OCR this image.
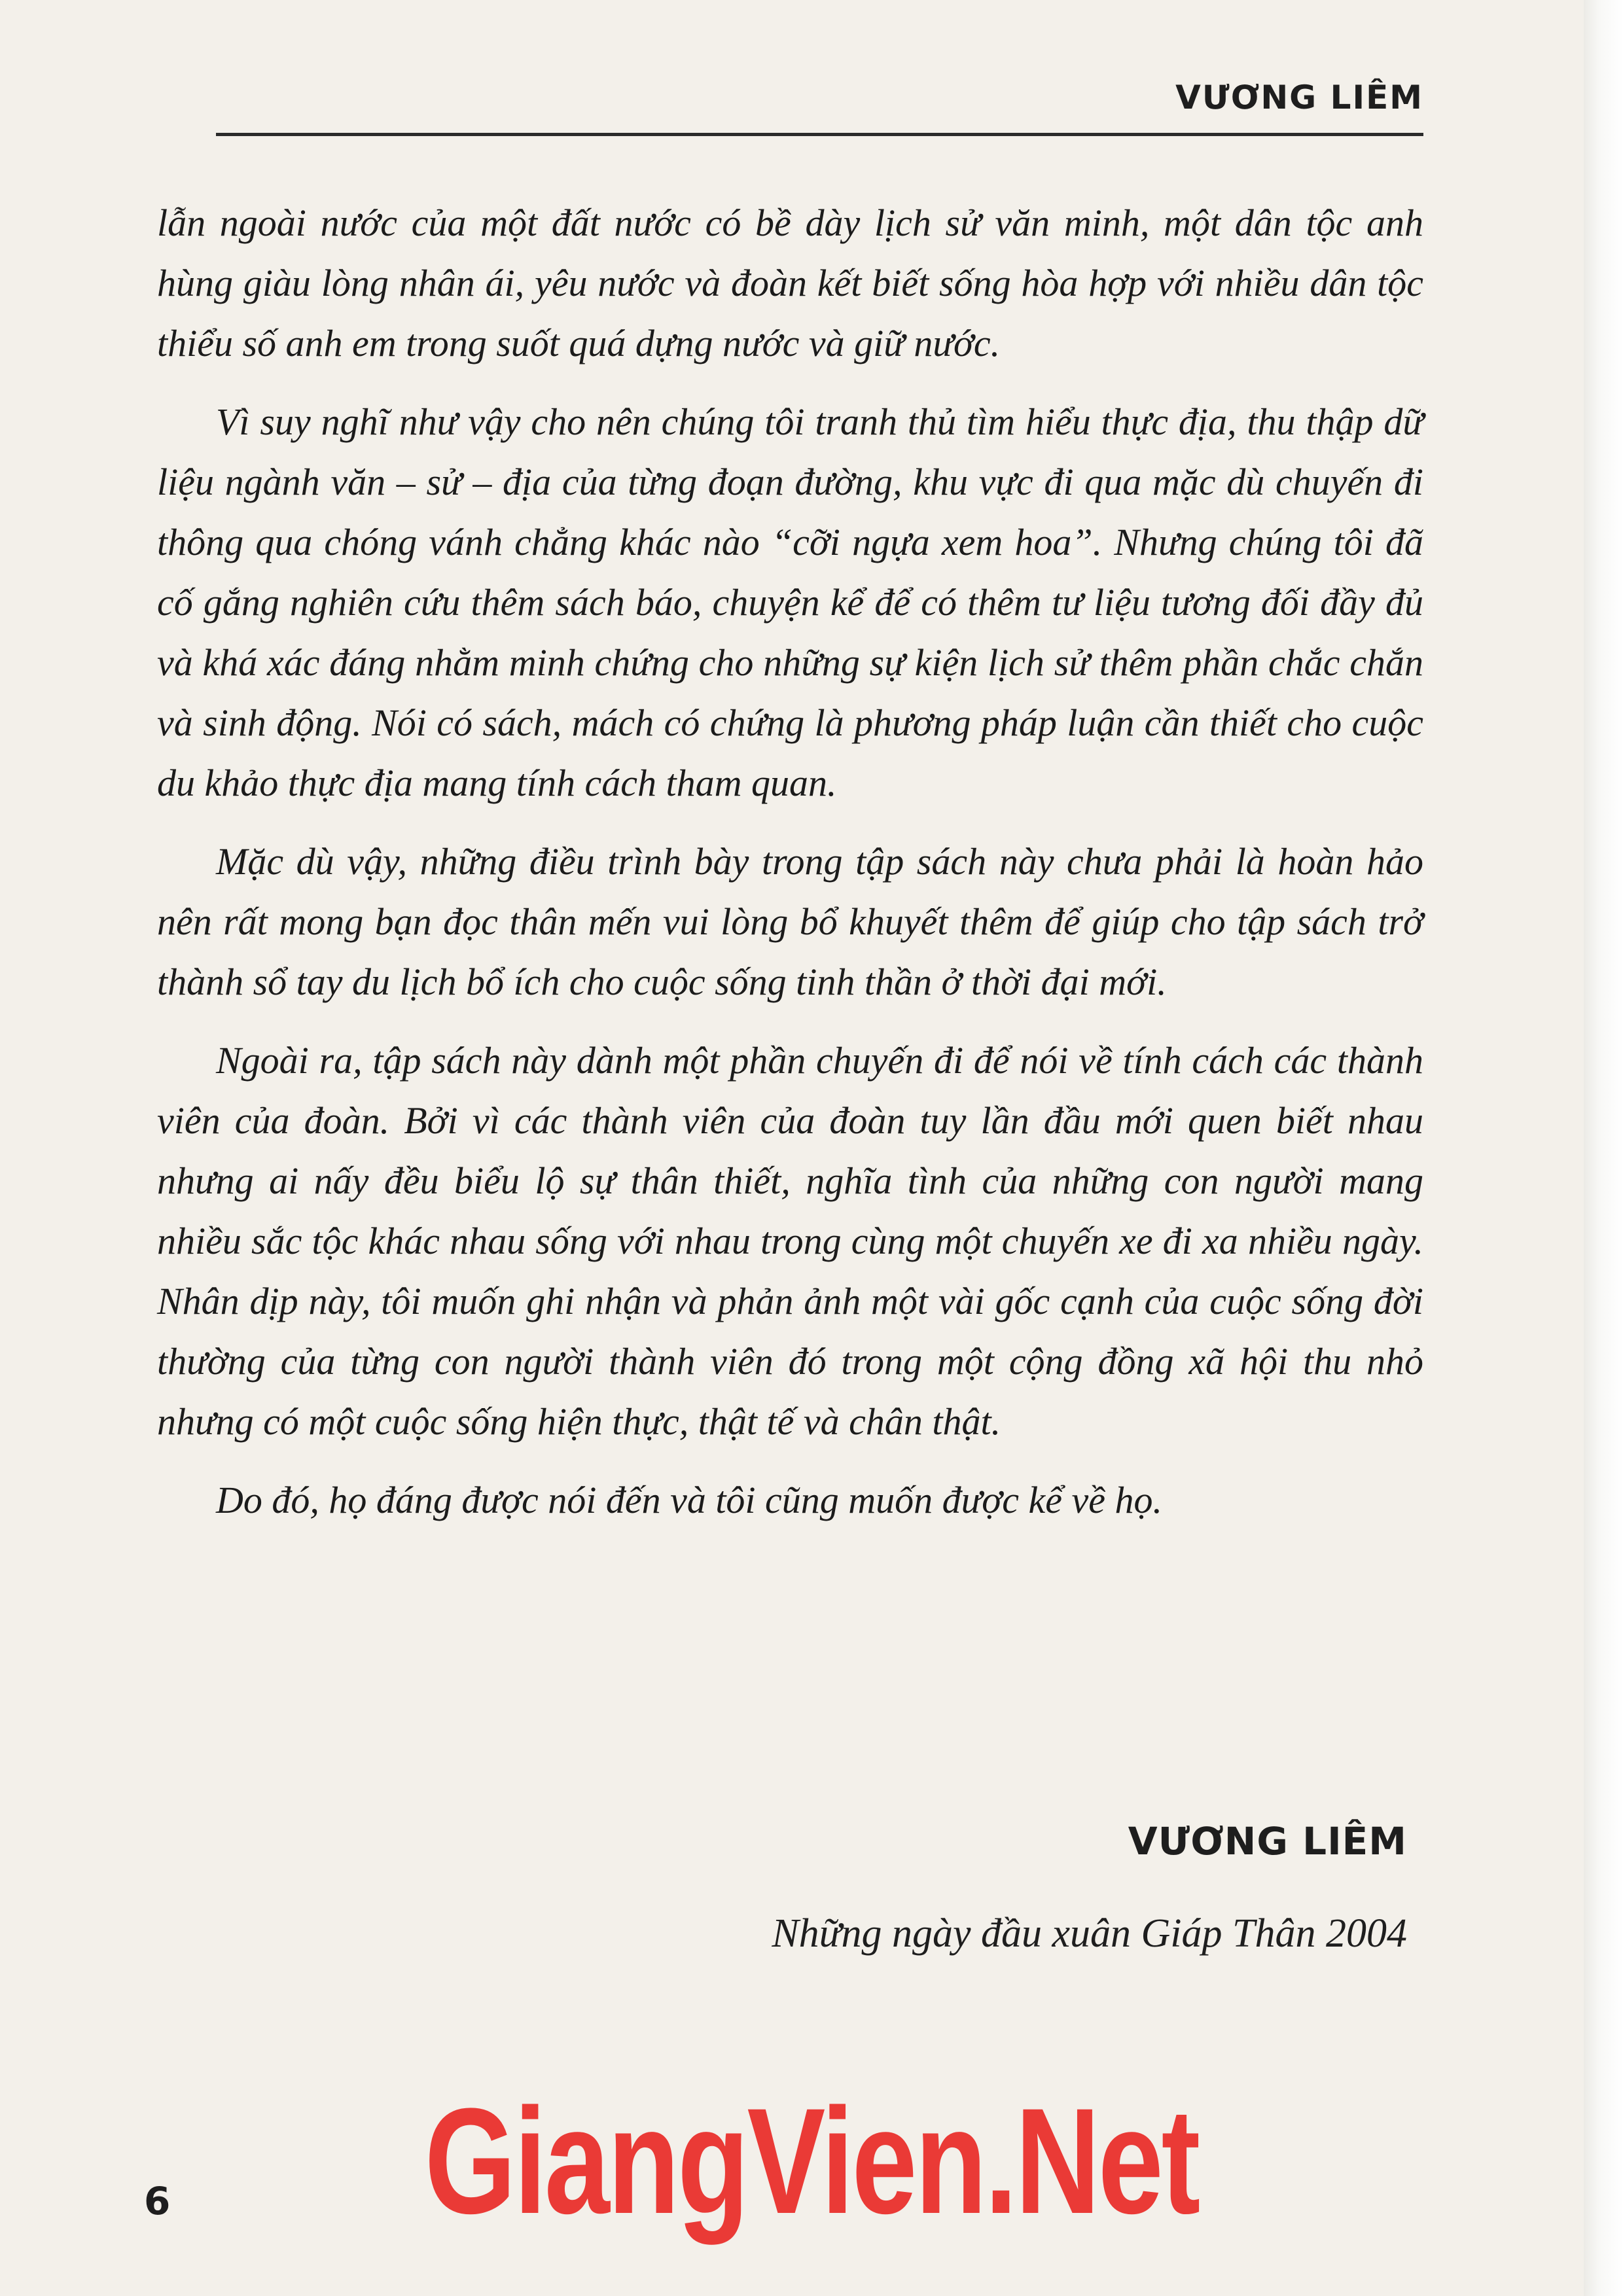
VƯƠNG LIÊM

lẫn ngoài nước của một đất nước có bề dày lịch sử văn minh, một dân tộc anh hùng giàu lòng nhân ái, yêu nước và đoàn kết biết sống hòa hợp với nhiều dân tộc thiểu số anh em trong suốt quá dựng nước và giữ nước.

Vì suy nghĩ như vậy cho nên chúng tôi tranh thủ tìm hiểu thực địa, thu thập dữ liệu ngành văn – sử – địa của từng đoạn đường, khu vực đi qua mặc dù chuyến đi thông qua chóng vánh chẳng khác nào “cỡi ngựa xem hoa”. Nhưng chúng tôi đã cố gắng nghiên cứu thêm sách báo, chuyện kể để có thêm tư liệu tương đối đầy đủ và khá xác đáng nhằm minh chứng cho những sự kiện lịch sử thêm phần chắc chắn và sinh động. Nói có sách, mách có chứng là phương pháp luận cần thiết cho cuộc du khảo thực địa mang tính cách tham quan.

Mặc dù vậy, những điều trình bày trong tập sách này chưa phải là hoàn hảo nên rất mong bạn đọc thân mến vui lòng bổ khuyết thêm để giúp cho tập sách trở thành sổ tay du lịch bổ ích cho cuộc sống tinh thần ở thời đại mới.

Ngoài ra, tập sách này dành một phần chuyến đi để nói về tính cách các thành viên của đoàn. Bởi vì các thành viên của đoàn tuy lần đầu mới quen biết nhau nhưng ai nấy đều biểu lộ sự thân thiết, nghĩa tình của những con người mang nhiều sắc tộc khác nhau sống với nhau trong cùng một chuyến xe đi xa nhiều ngày. Nhân dịp này, tôi muốn ghi nhận và phản ảnh một vài gốc cạnh của cuộc sống đời thường của từng con người thành viên đó trong một cộng đồng xã hội thu nhỏ nhưng có một cuộc sống hiện thực, thật tế và chân thật.

Do đó, họ đáng được nói đến và tôi cũng muốn được kể về họ.

VƯƠNG LIÊM
Những ngày đầu xuân Giáp Thân 2004
GiangVien.Net
6
